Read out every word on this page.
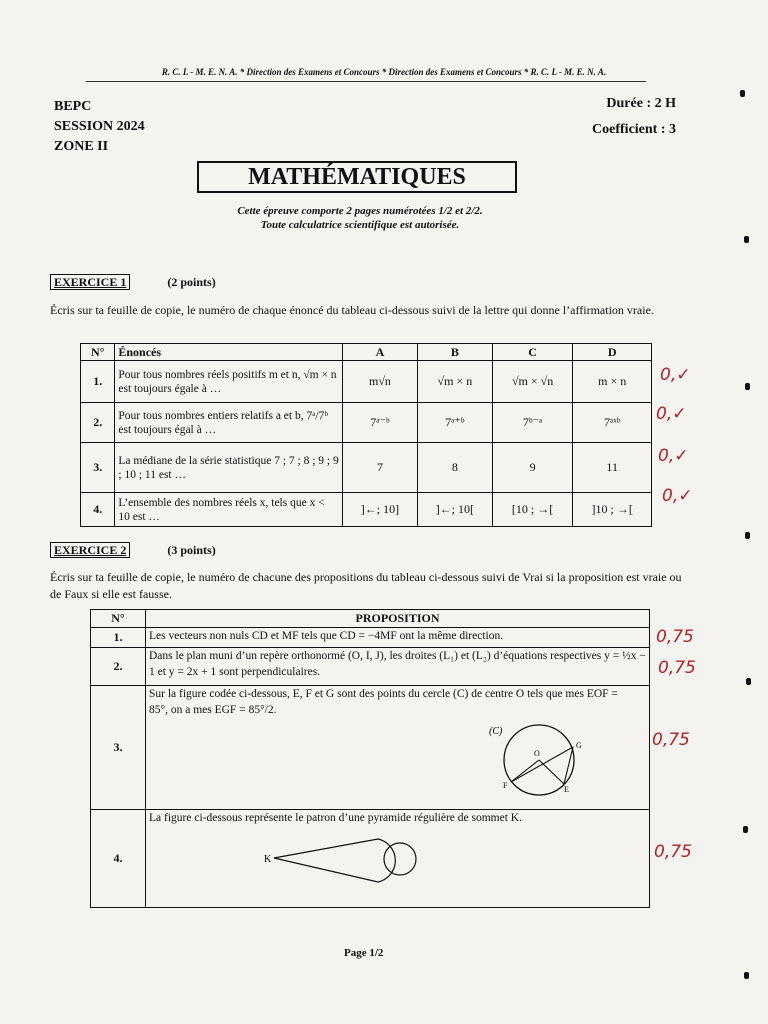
R. C. L - M. E. N. A. * Direction des Examens et Concours * Direction des Examens et Concours * R. C. L - M. E. N. A.
BEPC
SESSION 2024
ZONE II
Durée : 2 H
Coefficient : 3
MATHÉMATIQUES
Cette épreuve comporte 2 pages numérotées 1/2 et 2/2.
Toute calculatrice scientifique est autorisée.
EXERCICE 1	(2 points)
Écris sur ta feuille de copie, le numéro de chaque énoncé du tableau ci-dessous suivi de la lettre qui donne l’affirmation vraie.
N°	Énoncés	A	B	C	D
1.	Pour tous nombres réels positifs m et n, √m × n est toujours égale à …	m√n	√m × n	√m × √n	m × n
2.	Pour tous nombres entiers relatifs a et b, 7ᵃ/7ᵇ est toujours égal à …	7ᵃ⁻ᵇ	7ᵃ⁺ᵇ	7ᵇ⁻ᵃ	7ᵃˣᵇ
3.	La médiane de la série statistique 7 ; 7 ; 8 ; 9 ; 9 ; 10 ; 11 est …	7	8	9	11
4.	L’ensemble des nombres réels x, tels que x < 10 est …	]←; 10]	]←; 10[	[10 ; →[	]10 ; →[
0,✓
0,✓
0,✓
0,✓
EXERCICE 2	(3 points)
Écris sur ta feuille de copie, le numéro de chacune des propositions du tableau ci-dessous suivi de Vrai si la proposition est vraie ou de Faux si elle est fausse.
N°	PROPOSITION
1.	Les vecteurs non nuls CD et MF tels que CD = −4MF ont la même direction.
2.	Dans le plan muni d’un repère orthonormé (O, I, J), les droites (L₁) et (L₂) d’équations respectives y = ½x − 1 et y = 2x + 1 sont perpendiculaires.
3.	Sur la figure codée ci-dessous, E, F et G sont des points du cercle (C) de centre O tels que mes EOF = 85°, on a mes EGF = 85°/2.

4.	La figure ci-dessous représente le patron d’une pyramide régulière de sommet K.
(C)
O
G
F	E
K
0,75
0,75
0,75
0,75
Page 1/2
